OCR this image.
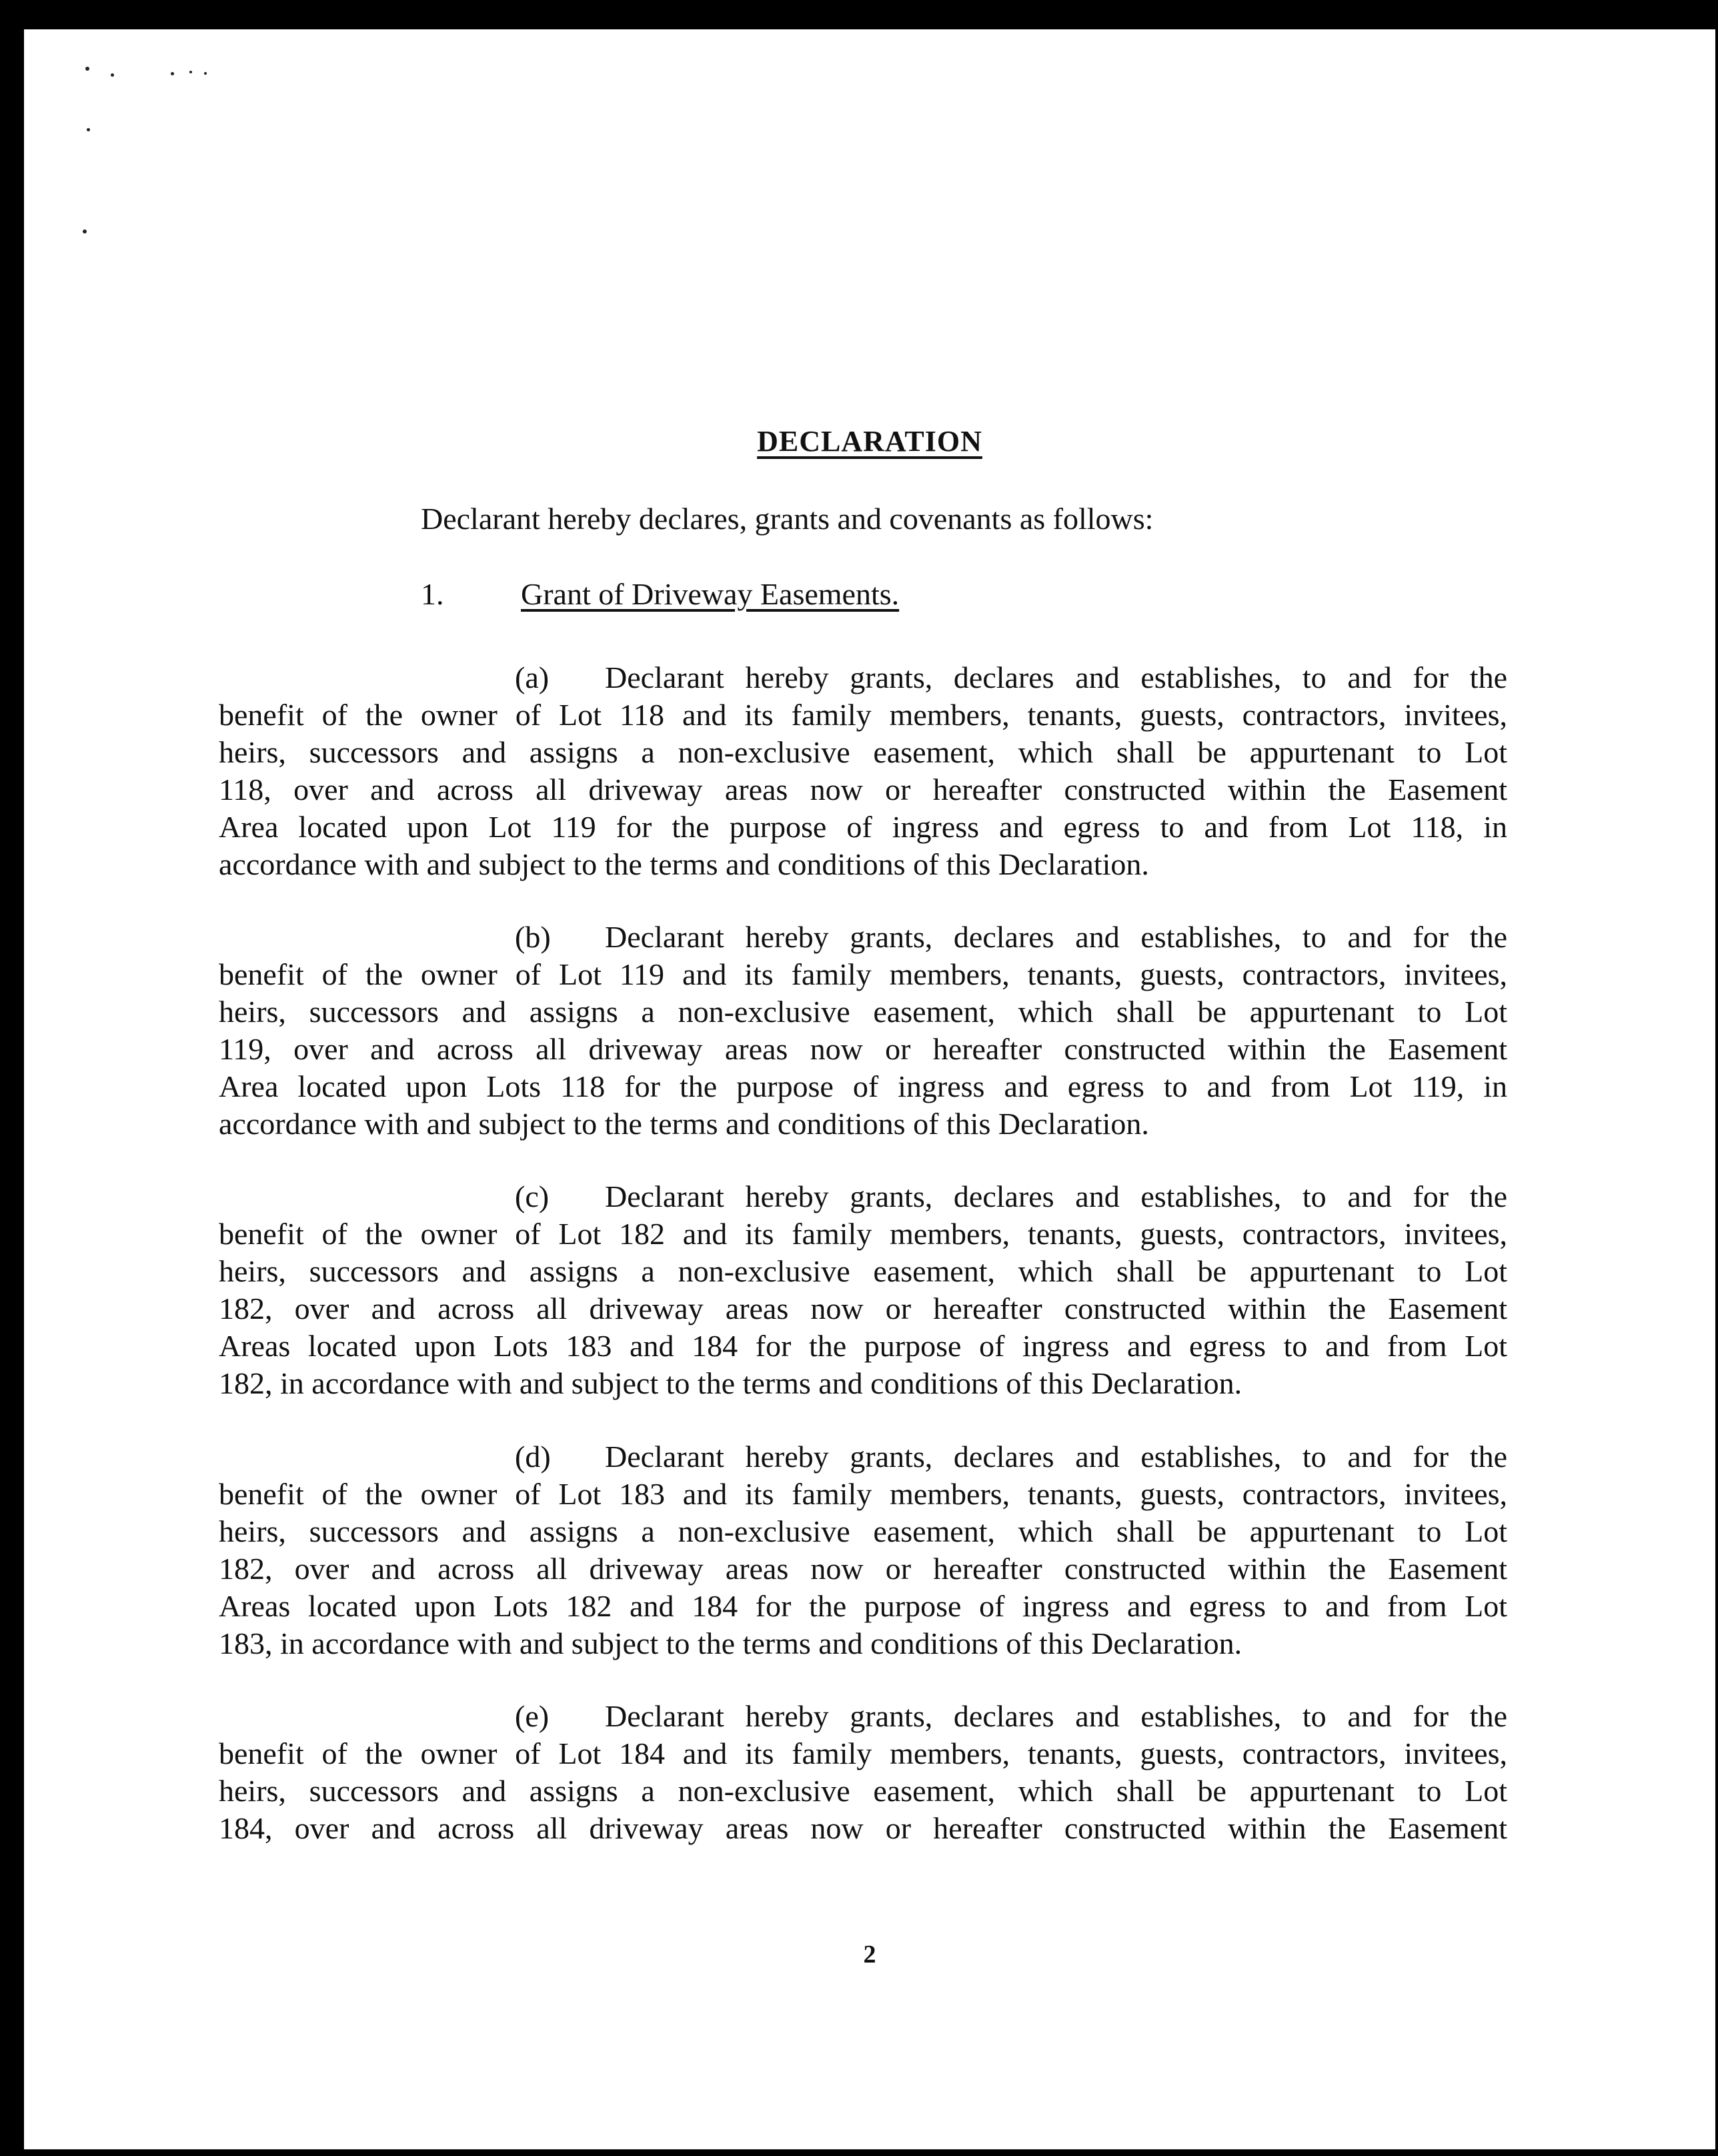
DECLARATION
Declarant hereby declares, grants and covenants as follows:
1.	Grant of Driveway Easements.
(a) Declarant hereby grants, declares and establishes, to and for the
benefit of the owner of Lot 118 and its family members, tenants, guests, contractors, invitees,
heirs, successors and assigns a non-exclusive easement, which shall be appurtenant to Lot
118, over and across all driveway areas now or hereafter constructed within the Easement
Area located upon Lot 119 for the purpose of ingress and egress to and from Lot 118, in
accordance with and subject to the terms and conditions of this Declaration.
(b) Declarant hereby grants, declares and establishes, to and for the
benefit of the owner of Lot 119 and its family members, tenants, guests, contractors, invitees,
heirs, successors and assigns a non-exclusive easement, which shall be appurtenant to Lot
119, over and across all driveway areas now or hereafter constructed within the Easement
Area located upon Lots 118 for the purpose of ingress and egress to and from Lot 119, in
accordance with and subject to the terms and conditions of this Declaration.
(c) Declarant hereby grants, declares and establishes, to and for the
benefit of the owner of Lot 182 and its family members, tenants, guests, contractors, invitees,
heirs, successors and assigns a non-exclusive easement, which shall be appurtenant to Lot
182, over and across all driveway areas now or hereafter constructed within the Easement
Areas located upon Lots 183 and 184 for the purpose of ingress and egress to and from Lot
182, in accordance with and subject to the terms and conditions of this Declaration.
(d) Declarant hereby grants, declares and establishes, to and for the
benefit of the owner of Lot 183 and its family members, tenants, guests, contractors, invitees,
heirs, successors and assigns a non-exclusive easement, which shall be appurtenant to Lot
182, over and across all driveway areas now or hereafter constructed within the Easement
Areas located upon Lots 182 and 184 for the purpose of ingress and egress to and from Lot
183, in accordance with and subject to the terms and conditions of this Declaration.
(e) Declarant hereby grants, declares and establishes, to and for the
benefit of the owner of Lot 184 and its family members, tenants, guests, contractors, invitees,
heirs, successors and assigns a non-exclusive easement, which shall be appurtenant to Lot
184, over and across all driveway areas now or hereafter constructed within the Easement
2
